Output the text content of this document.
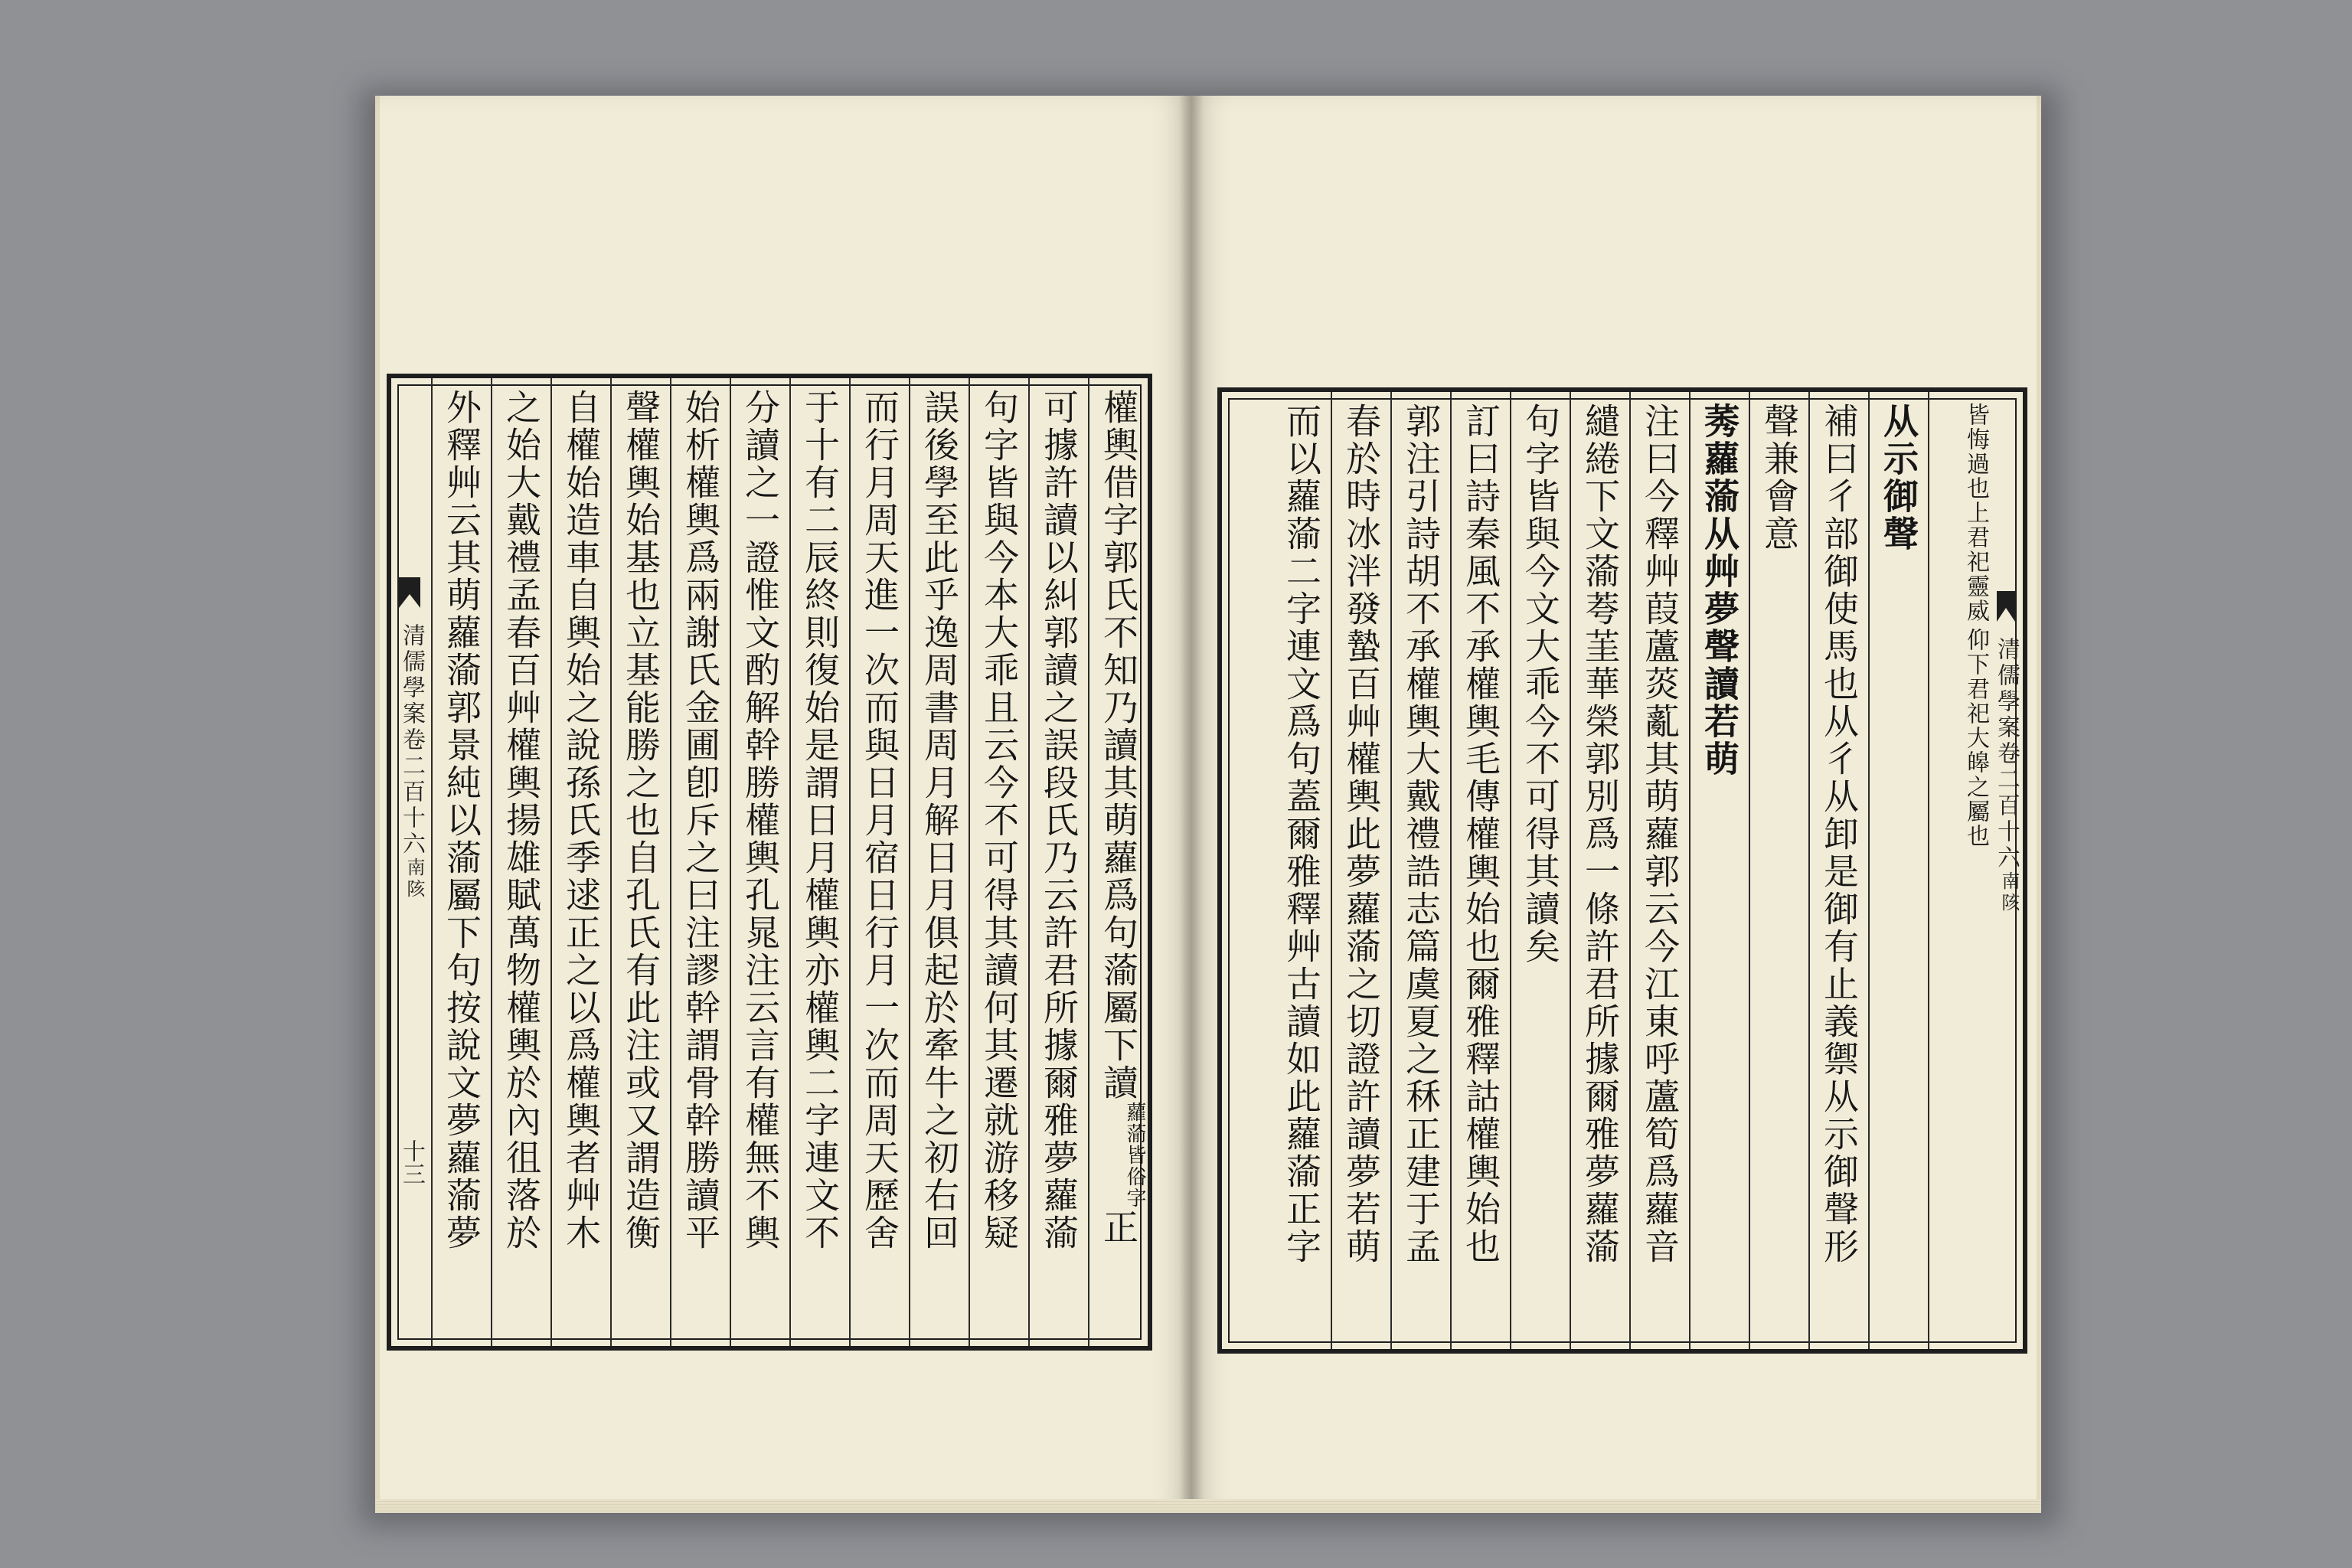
清儒學案卷二百十六
南陔
十三
權輿借字郭氏不知乃讀其萌蘿爲句蕍屬下讀
蘿蕍皆俗字
正
可據許讀以糾郭讀之誤段氏乃云許君所據爾雅夢蘿蕍
句字皆與今本大乖且云今不可得其讀何其遷就游移疑
誤後學至此乎逸周書周月解日月俱起於牽牛之初右回
而行月周天進一次而與日月宿日行月一次而周天歷舍
于十有二辰終則復始是謂日月權輿亦權輿二字連文不
分讀之一證惟文酌解幹勝權輿孔晁注云言有權無不輿
始析權輿爲兩謝氏金圃卽斥之曰注謬幹謂骨幹勝讀平
聲權輿始基也立基能勝之也自孔氏有此注或又謂造衡
自權始造車自輿始之說孫氏季逑正之以爲權輿者艸木
之始大戴禮孟春百艸權輿揚雄賦萬物權輿於內徂落於
外釋艸云其萌蘿蕍郭景純以蕍屬下句按說文夢蘿蕍夢	清儒學案卷二百十六
南陔
皆悔過也上君祀靈威
仰下君祀大皞之屬也
从示御聲
補曰彳部御使馬也从彳从卸是御有止義禦从示御聲形
聲兼會意
莠蘿蕍从艸夢聲讀若萌
注曰今釋艸葭蘆菼薍其萌蘿郭云今江東呼蘆筍爲蘿音
繾綣下文蕍荂茥華榮郭別爲一條許君所據爾雅夢蘿蕍
句字皆與今文大乖今不可得其讀矣
訂曰詩秦風不承權輿毛傳權輿始也爾雅釋詁權輿始也
郭注引詩胡不承權輿大戴禮誥志篇虞夏之秝正建于孟
春於時冰泮發蟄百艸權輿此夢蘿蕍之切證許讀夢若萌
而以蘿蕍二字連文爲句蓋爾雅釋艸古讀如此蘿蕍正字
